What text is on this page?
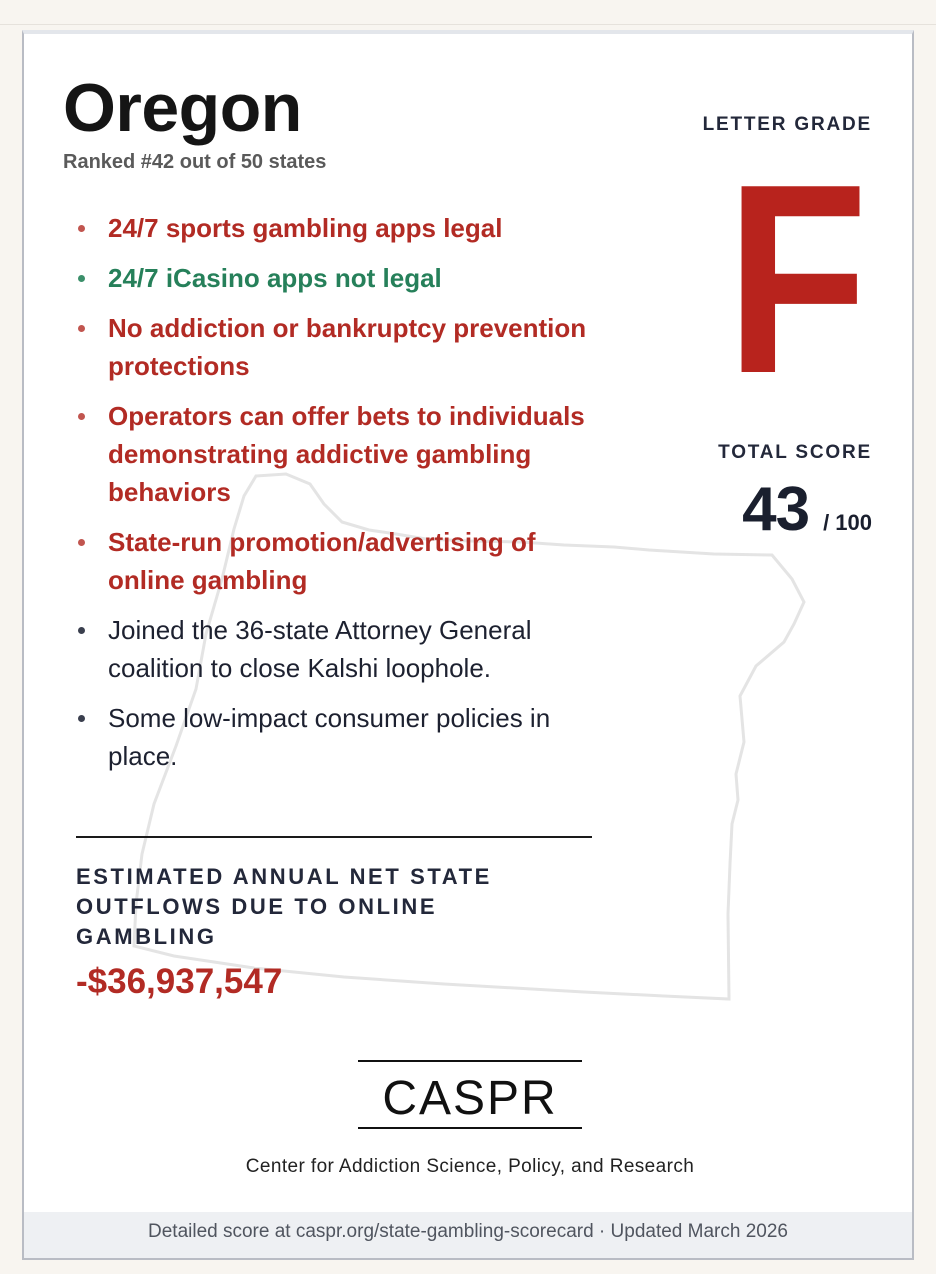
Oregon
Ranked #42 out of 50 states
24/7 sports gambling apps legal
24/7 iCasino apps not legal
No addiction or bankruptcy prevention protections
Operators can offer bets to individuals demonstrating addictive gambling behaviors
State-run promotion/advertising of online gambling
Joined the 36-state Attorney General coalition to close Kalshi loophole.
Some low-impact consumer policies in place.
ESTIMATED ANNUAL NET STATE OUTFLOWS DUE TO ONLINE GAMBLING
-$36,937,547
LETTER GRADE
F
TOTAL SCORE
43 / 100
CASPR
Center for Addiction Science, Policy, and Research
Detailed score at caspr.org/state-gambling-scorecard · Updated March 2026
